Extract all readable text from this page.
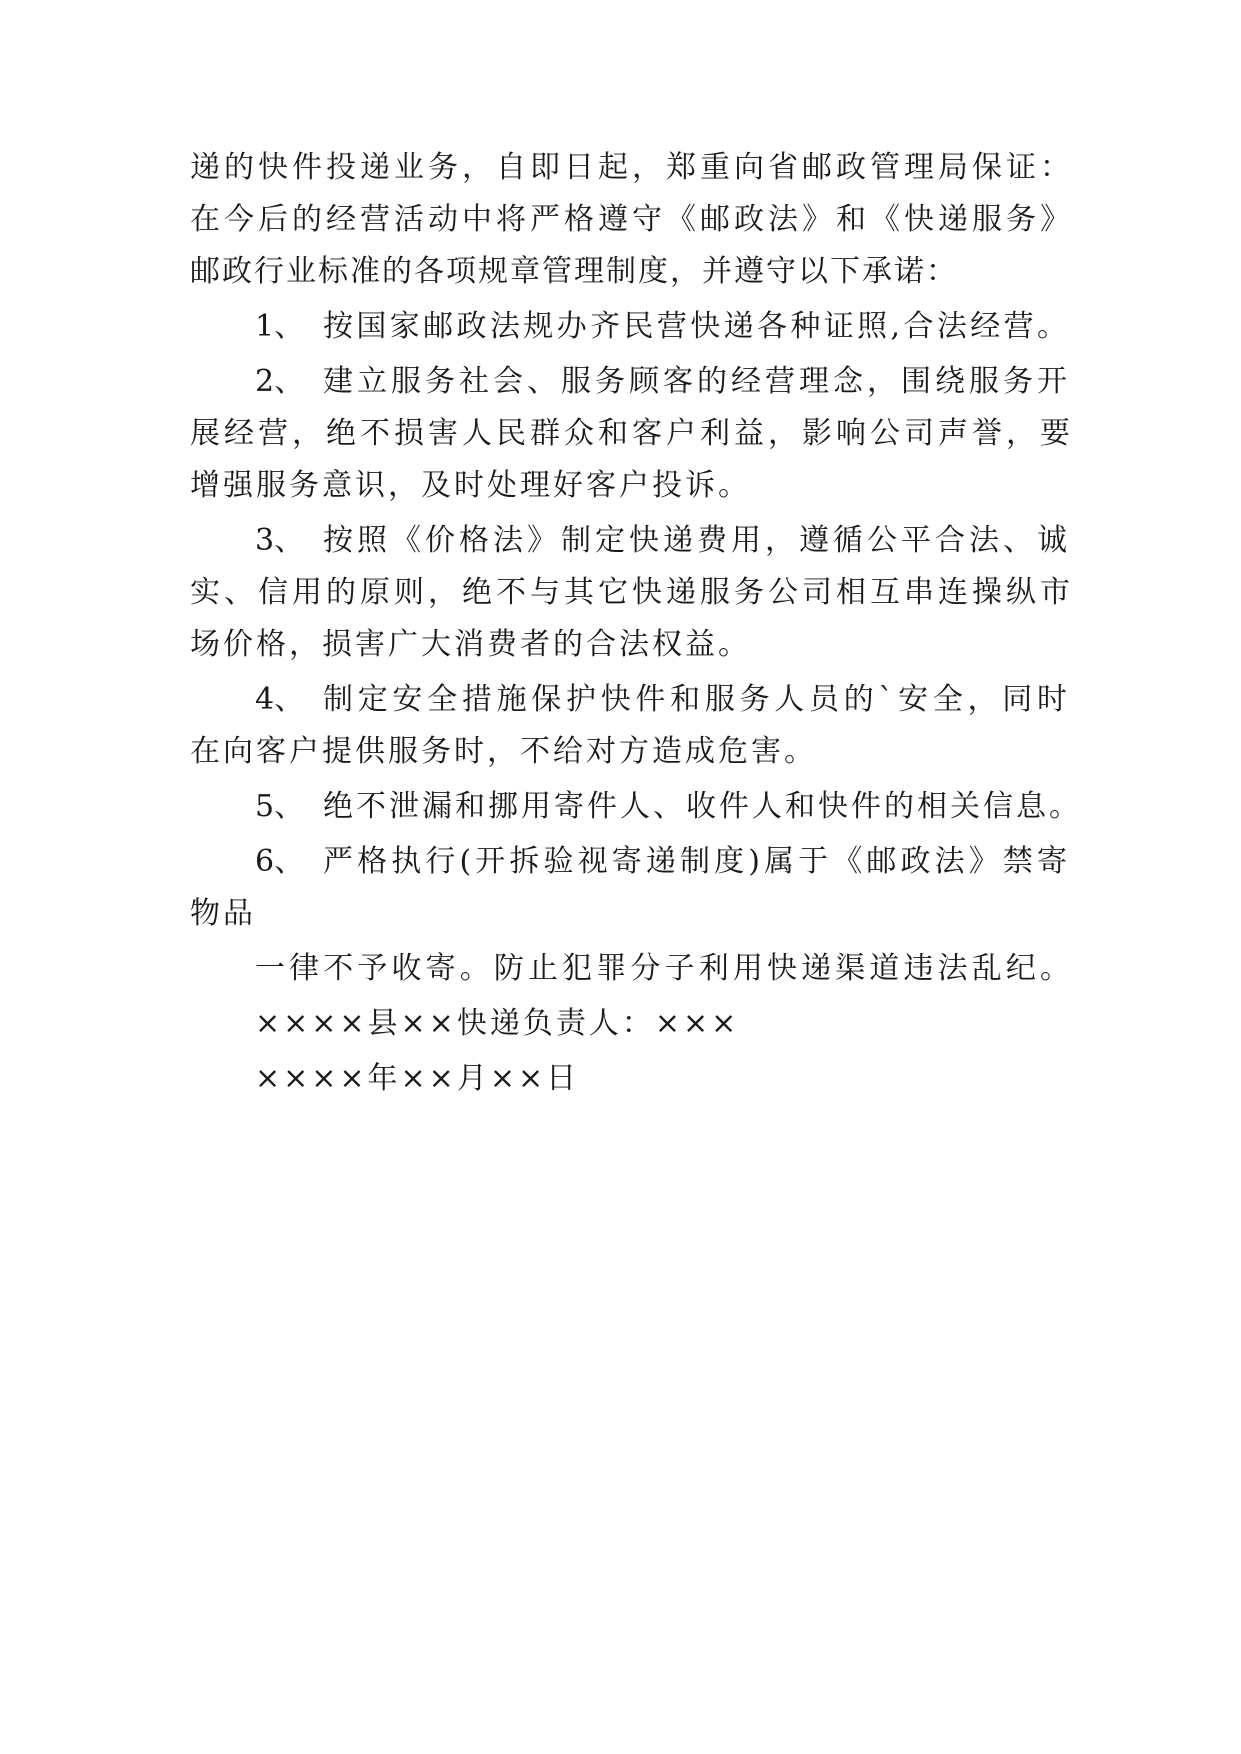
递的快件投递业务，自即日起，郑重向省邮政管理局保证：
在今后的经营活动中将严格遵守《邮政法》和《快递服务》
邮政行业标准的各项规章管理制度，并遵守以下承诺：
1、 按国家邮政法规办齐民营快递各种证照,合法经营。
2、 建立服务社会、服务顾客的经营理念，围绕服务开
展经营，绝不损害人民群众和客户利益，影响公司声誉，要
增强服务意识，及时处理好客户投诉。
3、 按照《价格法》制定快递费用，遵循公平合法、诚
实、信用的原则，绝不与其它快递服务公司相互串连操纵市
场价格，损害广大消费者的合法权益。
4、 制定安全措施保护快件和服务人员的`安全，同时
在向客户提供服务时，不给对方造成危害。
5、 绝不泄漏和挪用寄件人、收件人和快件的相关信息。
6、 严格执行(开拆验视寄递制度)属于《邮政法》禁寄
物品
一律不予收寄。防止犯罪分子利用快递渠道违法乱纪。
××××县××快递负责人：×××
××××年××月××日
